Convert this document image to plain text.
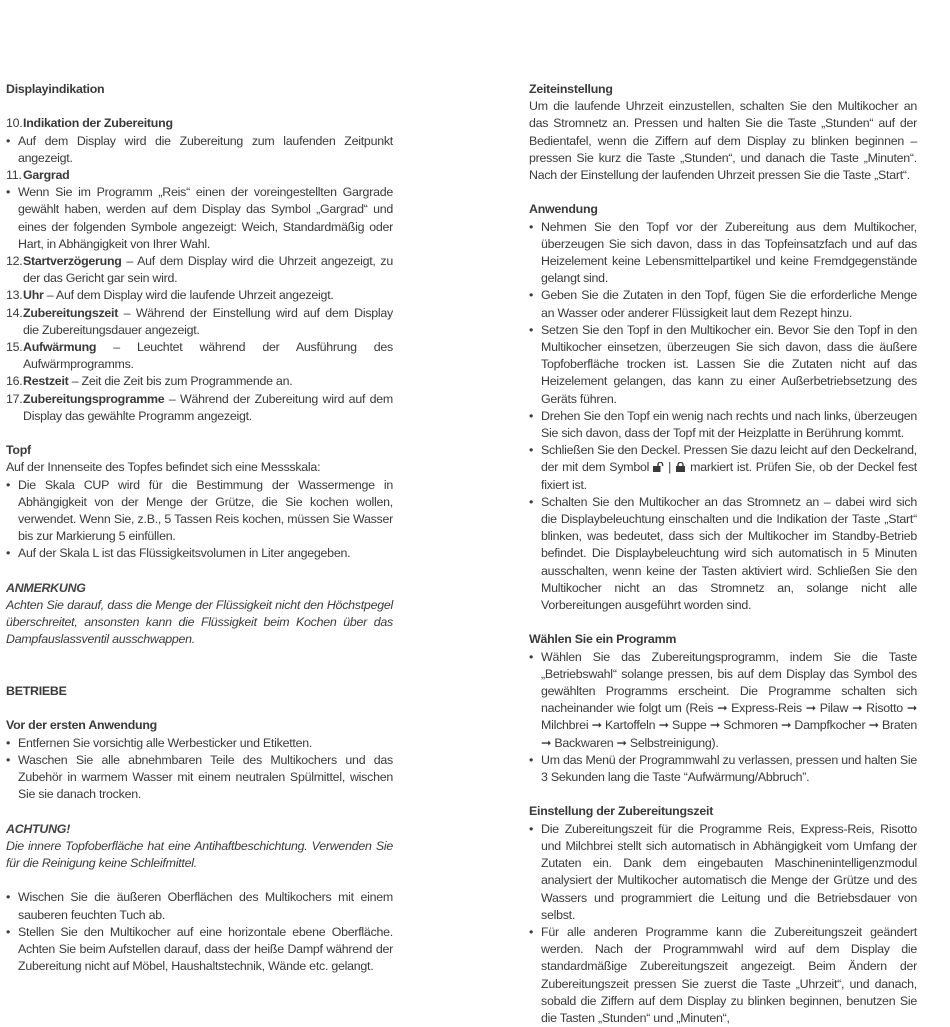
Displayindikation

10. Indikation der Zubereitung

• Auf dem Display wird die Zubereitung zum laufenden Zeitpunkt angezeigt.

11. Gargrad

• Wenn Sie im Programm „Reis“ einen der voreingestellten Gargrade gewählt haben, werden auf dem Display das Symbol „Gargrad“ und eines der folgenden Symbole angezeigt: Weich, Standardmäßig oder Hart, in Abhängigkeit von Ihrer Wahl.

12. Startverzögerung – Auf dem Display wird die Uhrzeit angezeigt, zu der das Gericht gar sein wird.

13. Uhr – Auf dem Display wird die laufende Uhrzeit angezeigt.

14. Zubereitungszeit – Während der Einstellung wird auf dem Display die Zubereitungsdauer angezeigt.

15. Aufwärmung – Leuchtet während der Ausführung des Aufwärmprogramms.

16. Restzeit – Zeit die Zeit bis zum Programmende an.

17. Zubereitungsprogramme – Während der Zubereitung wird auf dem Display das gewählte Programm angezeigt.

Topf

Auf der Innenseite des Topfes befindet sich eine Messskala:

• Die Skala CUP wird für die Bestimmung der Wassermenge in Abhängigkeit von der Menge der Grütze, die Sie kochen wollen, verwendet. Wenn Sie, z.B., 5 Tassen Reis kochen, müssen Sie Wasser bis zur Markierung 5 einfüllen.

• Auf der Skala L ist das Flüssigkeitsvolumen in Liter angegeben.

ANMERKUNG

Achten Sie darauf, dass die Menge der Flüssigkeit nicht den Höchstpegel überschreitet, ansonsten kann die Flüssigkeit beim Kochen über das Dampfauslassventil ausschwappen.

BETRIEBE

Vor der ersten Anwendung

• Entfernen Sie vorsichtig alle Werbesticker und Etiketten.

• Waschen Sie alle abnehmbaren Teile des Multikochers und das Zubehör in warmem Wasser mit einem neutralen Spülmittel, wischen Sie sie danach trocken.

ACHTUNG!

Die innere Topfoberfläche hat eine Antihaftbeschichtung. Verwenden Sie für die Reinigung keine Schleifmittel.

• Wischen Sie die äußeren Oberflächen des Multikochers mit einem sauberen feuchten Tuch ab.

• Stellen Sie den Multikocher auf eine horizontale ebene Oberfläche. Achten Sie beim Aufstellen darauf, dass der heiße Dampf während der Zubereitung nicht auf Möbel, Haushaltstechnik, Wände etc. gelangt.

Zeiteinstellung

Um die laufende Uhrzeit einzustellen, schalten Sie den Multikocher an das Stromnetz an. Pressen und halten Sie die Taste „Stunden“ auf der Bedientafel, wenn die Ziffern auf dem Display zu blinken beginnen – pressen Sie kurz die Taste „Stunden“, und danach die Taste „Minuten“. Nach der Einstellung der laufenden Uhrzeit pressen Sie die Taste „Start“.

Anwendung

• Nehmen Sie den Topf vor der Zubereitung aus dem Multikocher, überzeugen Sie sich davon, dass in das Topfeinsatzfach und auf das Heizelement keine Lebensmittelpartikel und keine Fremdgegenstände gelangt sind.

• Geben Sie die Zutaten in den Topf, fügen Sie die erforderliche Menge an Wasser oder anderer Flüssigkeit laut dem Rezept hinzu.

• Setzen Sie den Topf in den Multikocher ein. Bevor Sie den Topf in den Multikocher einsetzen, überzeugen Sie sich davon, dass die äußere Topfoberfläche trocken ist. Lassen Sie die Zutaten nicht auf das Heizelement gelangen, das kann zu einer Außerbetriebsetzung des Geräts führen.

• Drehen Sie den Topf ein wenig nach rechts und nach links, überzeugen Sie sich davon, dass der Topf mit der Heizplatte in Berührung kommt.

• Schließen Sie den Deckel. Pressen Sie dazu leicht auf den Deckelrand, der mit dem Symbol | markiert ist. Prüfen Sie, ob der Deckel fest fixiert ist.

• Schalten Sie den Multikocher an das Stromnetz an – dabei wird sich die Displaybeleuchtung einschalten und die Indikation der Taste „Start“ blinken, was bedeutet, dass sich der Multikocher im Standby-Betrieb befindet. Die Displaybeleuchtung wird sich automatisch in 5 Minuten ausschalten, wenn keine der Tasten aktiviert wird. Schließen Sie den Multikocher nicht an das Stromnetz an, solange nicht alle Vorbereitungen ausgeführt worden sind.

Wählen Sie ein Programm

• Wählen Sie das Zubereitungsprogramm, indem Sie die Taste „Betriebswahl“ solange pressen, bis auf dem Display das Symbol des gewählten Programms erscheint. Die Programme schalten sich nacheinander wie folgt um (Reis ➞ Express-Reis ➞ Pilaw ➞ Risotto ➞ Milchbrei ➞ Kartoffeln ➞ Suppe ➞ Schmoren ➞ Dampfkocher ➞ Braten ➞ Backwaren ➞ Selbstreinigung).

• Um das Menü der Programmwahl zu verlassen, pressen und halten Sie 3 Sekunden lang die Taste “Aufwärmung/Abbruch”.

Einstellung der Zubereitungszeit

• Die Zubereitungszeit für die Programme Reis, Express-Reis, Risotto und Milchbrei stellt sich automatisch in Abhängigkeit vom Umfang der Zutaten ein. Dank dem eingebauten Maschinenintelligenzmodul analysiert der Multikocher automatisch die Menge der Grütze und des Wassers und programmiert die Leitung und die Betriebsdauer von selbst.

• Für alle anderen Programme kann die Zubereitungszeit geändert werden. Nach der Programmwahl wird auf dem Display die standardmäßige Zubereitungszeit angezeigt. Beim Ändern der Zubereitungszeit pressen Sie zuerst die Taste „Uhrzeit“, und danach, sobald die Ziffern auf dem Display zu blinken beginnen, benutzen Sie die Tasten „Stunden“ und „Minuten“,
